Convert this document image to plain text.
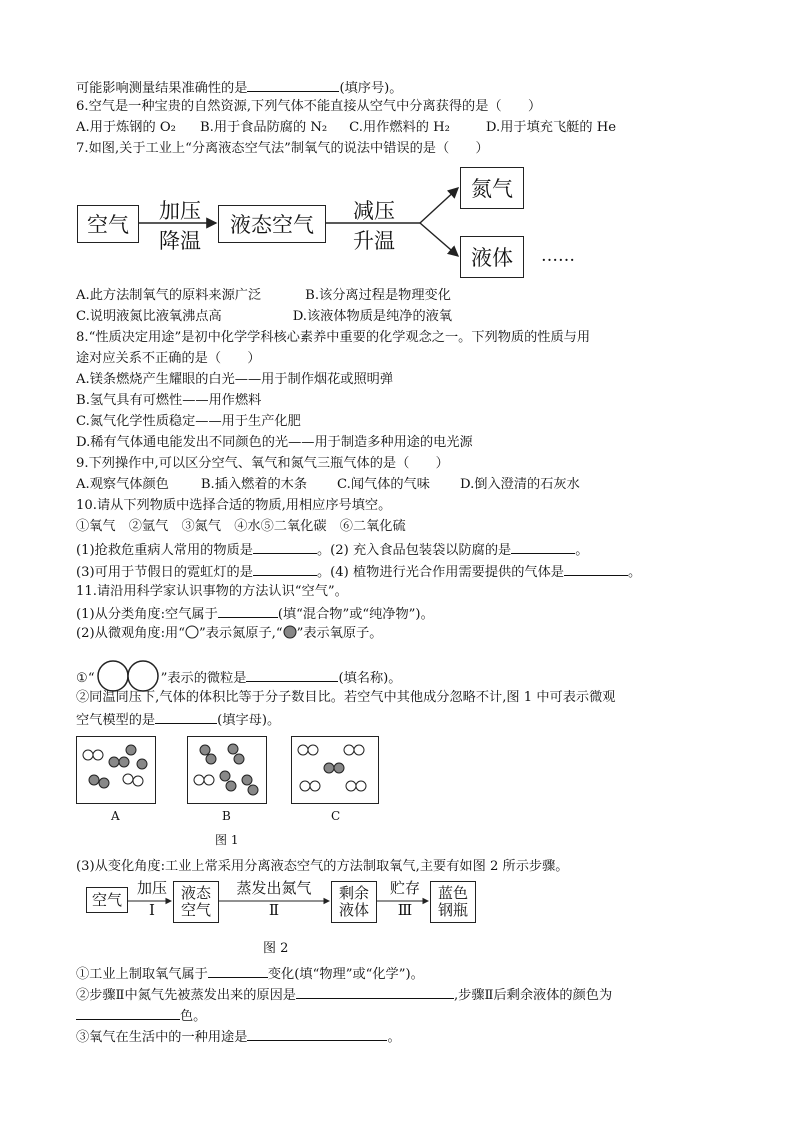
可能影响测量结果准确性的是	(填序号)。
6.空气是一种宝贵的自然资源,下列气体不能直接从空气中分离获得的是（　　）
A.用于炼钢的 O₂ B.用于食品防腐的 N₂ C.用作燃料的 H₂	D.用于填充飞艇的 He
7.如图,关于工业上“分离液态空气法”制氧气的说法中错误的是（　　）
空气
加压
降温
液态空气
减压
升温
氮气
液体	……
A.此方法制氧气的原料来源广泛	B.该分离过程是物理变化
C.说明液氮比液氧沸点高	D.该液体物质是纯净的液氧
8.“性质决定用途”是初中化学学科核心素养中重要的化学观念之一。下列物质的性质与用
途对应关系不正确的是（　　）
A.镁条燃烧产生耀眼的白光——用于制作烟花或照明弹
B.氢气具有可燃性——用作燃料
C.氮气化学性质稳定——用于生产化肥
D.稀有气体通电能发出不同颜色的光——用于制造多种用途的电光源
9.下列操作中,可以区分空气、氧气和氮气三瓶气体的是（　　）
A.观察气体颜色 B.插入燃着的木条 C.闻气体的气味 D.倒入澄清的石灰水
10.请从下列物质中选择合适的物质,用相应序号填空。
①氧气　②氩气　③氮气　④水⑤二氧化碳　⑥二氧化硫
(1)抢救危重病人常用的物质是	。(2) 充入食品包装袋以防腐的是	。
(3)可用于节假日的霓虹灯的是	。(4) 植物进行光合作用需要提供的气体是	。
11.请沿用科学家认识事物的方法认识“空气”。
(1)从分类角度:空气属于	(填“混合物”或“纯净物”)。
(2)从微观角度:用“ ”表示氮原子,“ ”表示氧原子。
①“	”表示的微粒是	(填名称)。
②同温同压下,气体的体积比等于分子数目比。若空气中其他成分忽略不计,图 1 中可表示微观
空气模型的是	(填字母)。
A	B	C
图 1
(3)从变化角度:工业上常采用分离液态空气的方法制取氧气,主要有如图 2 所示步骤。
空气
加压
Ⅰ
液态
空气
蒸发出氮气
Ⅱ
剩余
液体
贮存
Ⅲ
蓝色
钢瓶
图 2
①工业上制取氧气属于	变化(填“物理”或“化学”)。
②步骤Ⅱ中氮气先被蒸发出来的原因是	,步骤Ⅱ后剩余液体的颜色为
色。
③氧气在生活中的一种用途是	。
